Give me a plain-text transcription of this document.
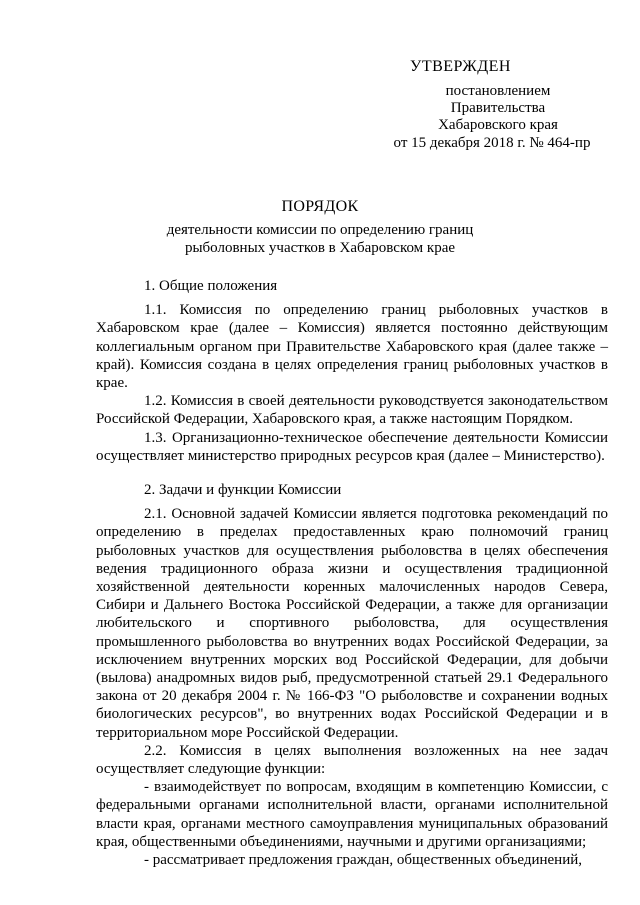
УТВЕРЖДЕН
постановлением
Правительства
Хабаровского края
от 15 декабря 2018 г. № 464-пр
ПОРЯДОК
деятельности комиссии по определению границ
рыболовных участков в Хабаровском крае

1. Общие положения

1.1. Комиссия по определению границ рыболовных участков в Хабаровском крае (далее – Комиссия) является постоянно действующим коллегиальным органом при Правительстве Хабаровского края (далее также – край). Комиссия создана в целях определения границ рыболовных участков в крае.

1.2. Комиссия в своей деятельности руководствуется законодательством Российской Федерации, Хабаровского края, а также настоящим Порядком.

1.3. Организационно-техническое обеспечение деятельности Комиссии осуществляет министерство природных ресурсов края (далее – Министерство).

2. Задачи и функции Комиссии

2.1. Основной задачей Комиссии является подготовка рекомендаций по определению в пределах предоставленных краю полномочий границ рыболовных участков для осуществления рыболовства в целях обеспечения ведения традиционного образа жизни и осуществления традиционной хозяйственной деятельности коренных малочисленных народов Севера, Сибири и Дальнего Востока Российской Федерации, а также для организации любительского и спортивного рыболовства, для осуществления промышленного рыболовства во внутренних водах Российской Федерации, за исключением внутренних морских вод Российской Федерации, для добычи (вылова) анадромных видов рыб, предусмотренной статьей 29.1 Федерального закона от 20 декабря 2004 г. № 166-ФЗ "О рыболовстве и сохранении водных биологических ресурсов", во внутренних водах Российской Федерации и в территориальном море Российской Федерации.

2.2. Комиссия в целях выполнения возложенных на нее задач осуществляет следующие функции:

- взаимодействует по вопросам, входящим в компетенцию Комиссии, с федеральными органами исполнительной власти, органами исполнительной власти края, органами местного самоуправления муниципальных образований края, общественными объединениями, научными и другими организациями;

- рассматривает предложения граждан, общественных объединений,
